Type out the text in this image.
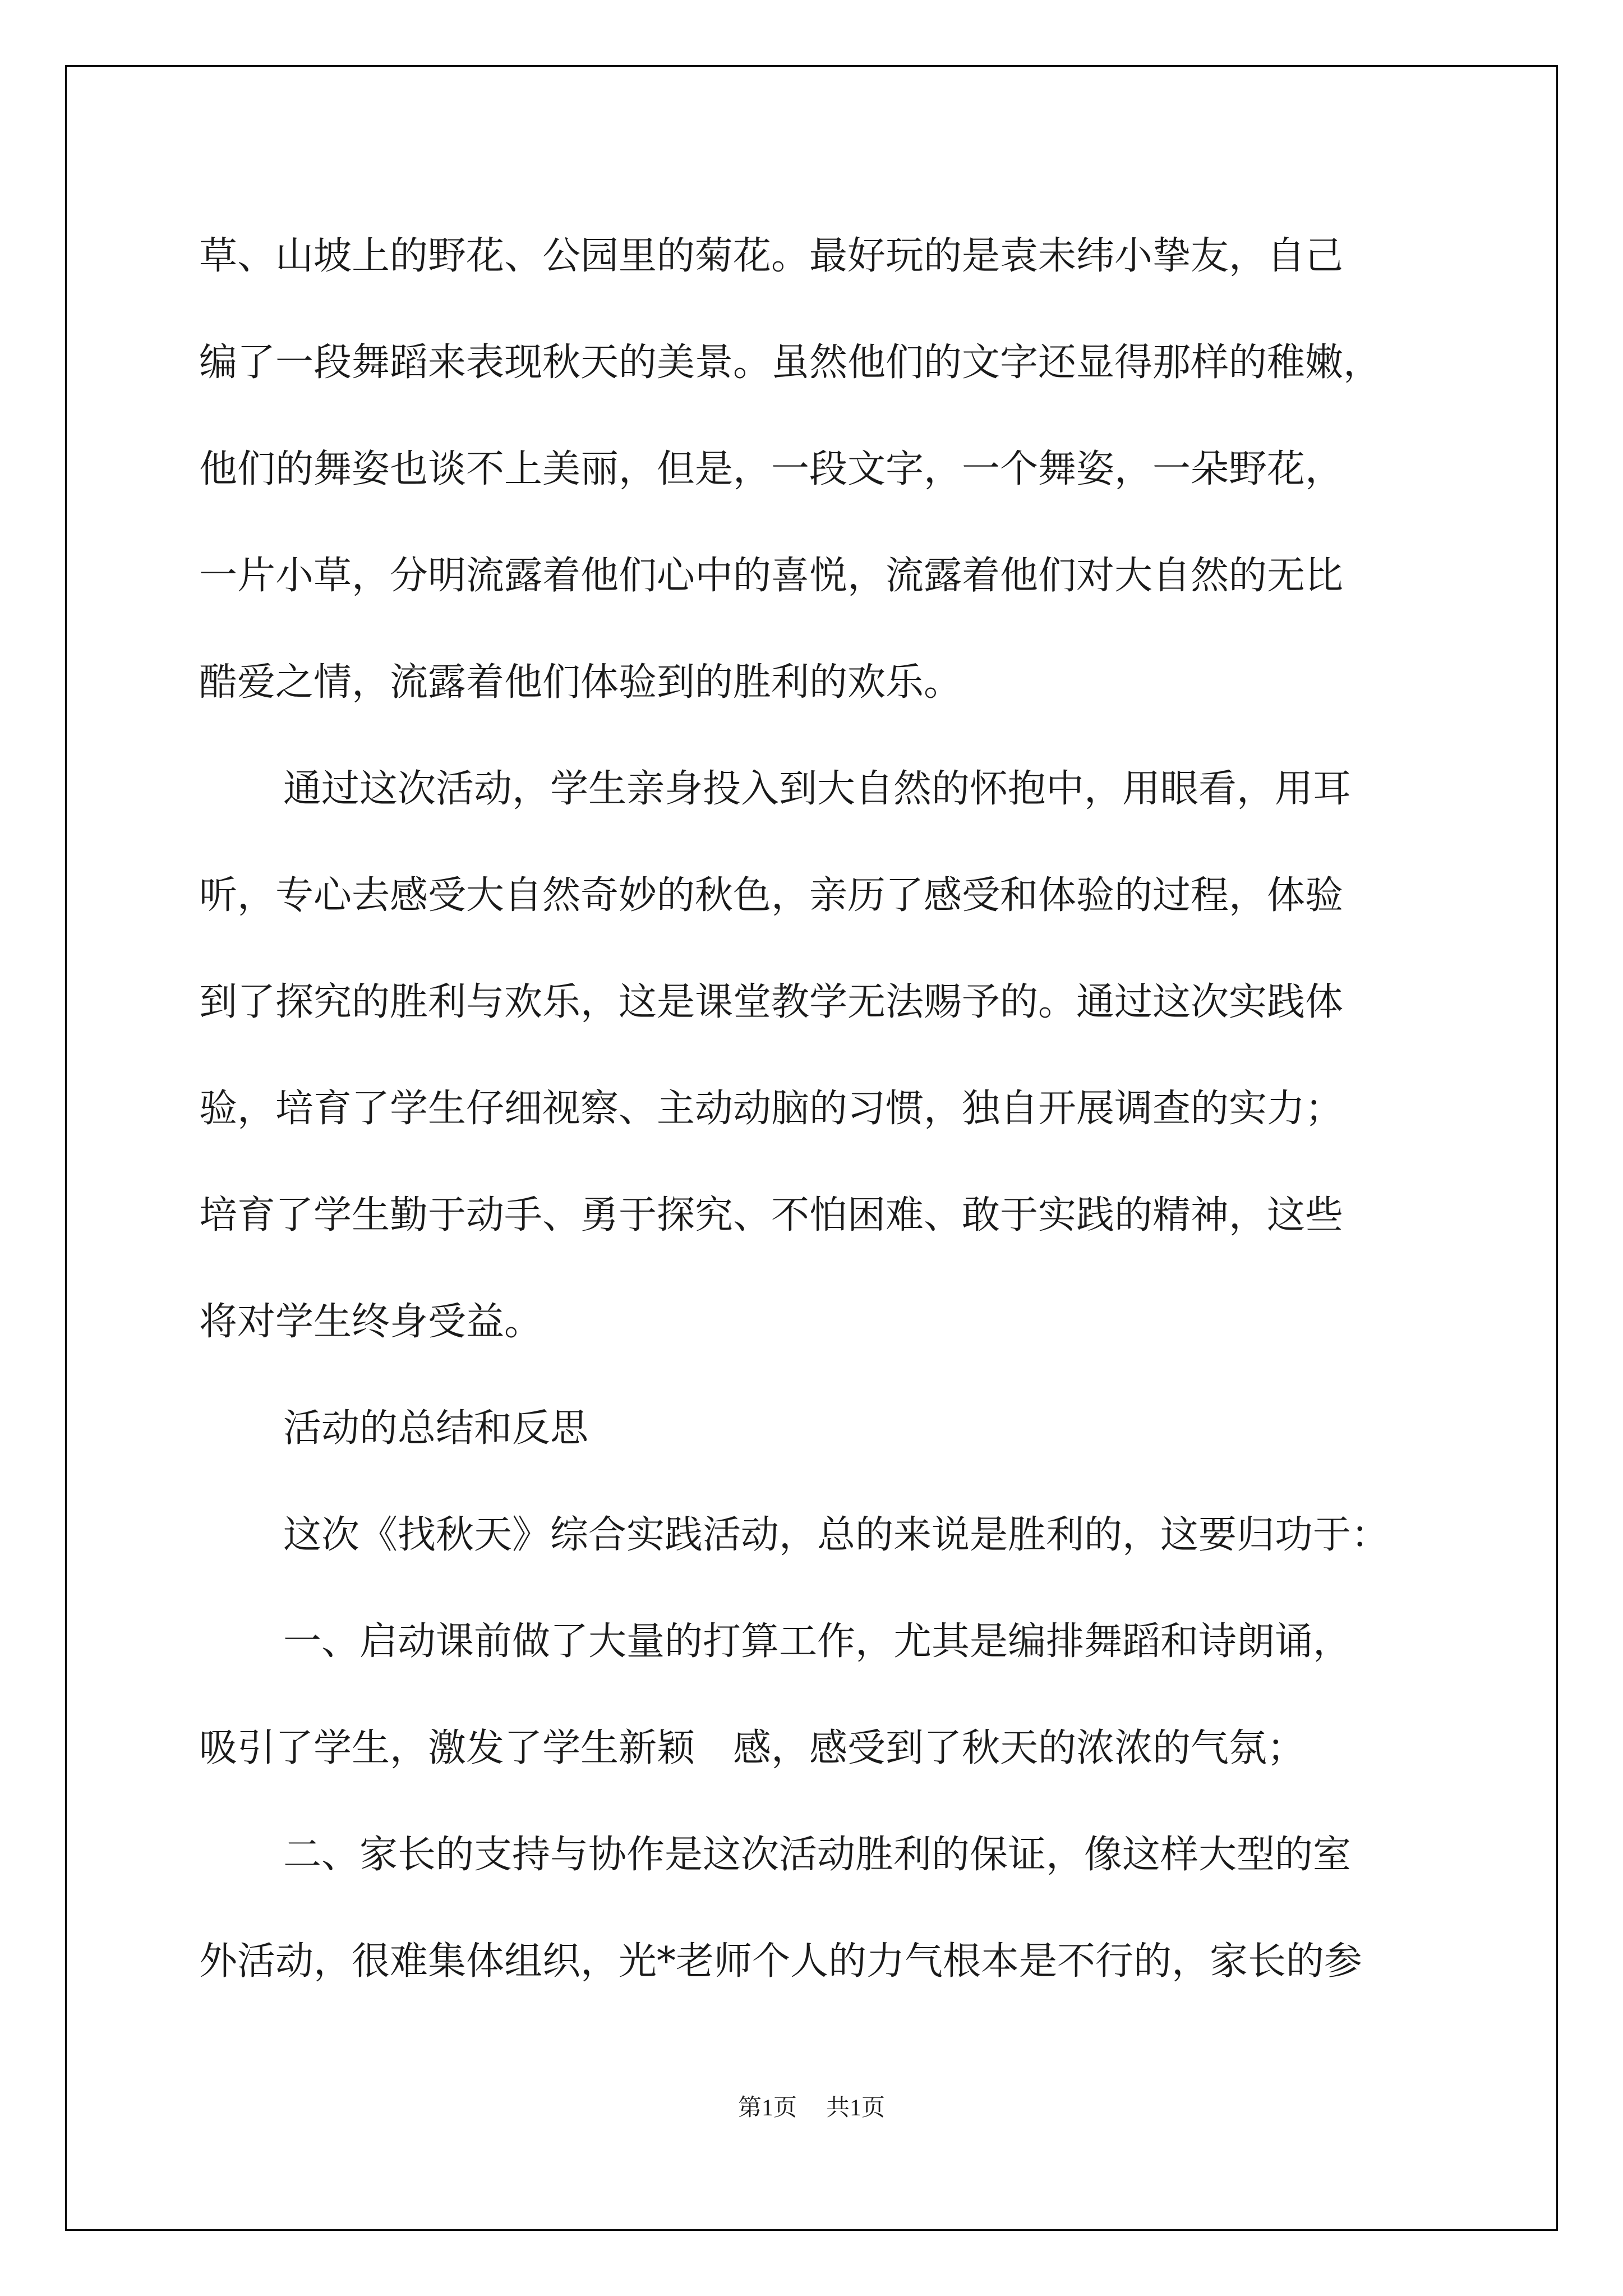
草、山坡上的野花、公园里的菊花。最好玩的是袁未纬小挚友，自己
编了一段舞蹈来表现秋天的美景。虽然他们的文字还显得那样的稚嫩，
他们的舞姿也谈不上美丽，但是，一段文字，一个舞姿，一朵野花，
一片小草，分明流露着他们心中的喜悦，流露着他们对大自然的无比
酷爱之情，流露着他们体验到的胜利的欢乐。

通过这次活动，学生亲身投入到大自然的怀抱中，用眼看，用耳
听，专心去感受大自然奇妙的秋色，亲历了感受和体验的过程，体验
到了探究的胜利与欢乐，这是课堂教学无法赐予的。通过这次实践体
验，培育了学生仔细视察、主动动脑的习惯，独自开展调查的实力；
培育了学生勤于动手、勇于探究、不怕困难、敢于实践的精神，这些
将对学生终身受益。

活动的总结和反思

这次《找秋天》综合实践活动，总的来说是胜利的，这要归功于：

一、启动课前做了大量的打算工作，尤其是编排舞蹈和诗朗诵，
吸引了学生，激发了学生新颖　感，感受到了秋天的浓浓的气氛；

二、家长的支持与协作是这次活动胜利的保证，像这样大型的室
外活动，很难集体组织，光*老师个人的力气根本是不行的，家长的参

第1页 共1页
